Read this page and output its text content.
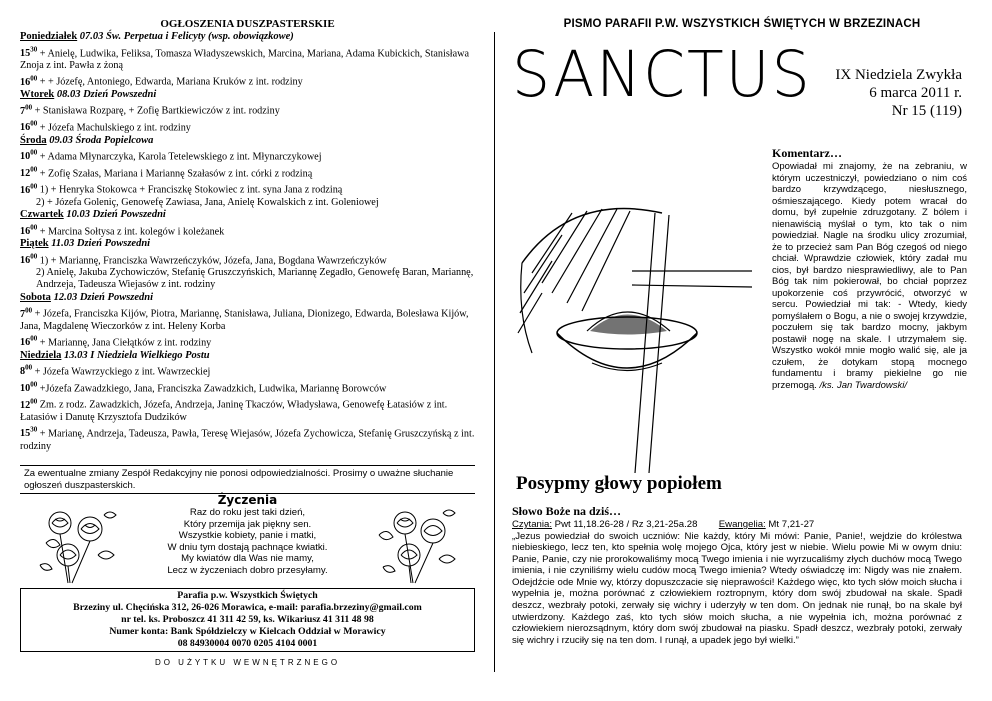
OGŁOSZENIA DUSZPASTERSKIE
Poniedziałek 07.03 Św. Perpetua i Felicyty (wsp. obowiązkowe)
$15^{30}$ + Anielę, Ludwika, Feliksa, Tomasza Władyszewskich, Marcina, Mariana, Adama Kubickich, Stanisława Znoja z int. Pawła z żoną
$16^{00}$ + + Józefę, Antoniego, Edwarda, Mariana Kruków z int. rodziny
Wtorek 08.03 Dzień Powszedni
$7^{00}$ + Stanisława Rozparę, + Zofię Bartkiewiczów z int. rodziny
$16^{00}$ + Józefa Machulskiego z int. rodziny
Środa 09.03 Środa Popielcowa
$10^{00}$ + Adama Młynarczyka, Karola Tetelewskiego z int. Młynarczykowej
$12^{00}$ + Zofię Szałas, Mariana i Mariannę Szałasów z int. córki z rodziną
$16^{00}$ 1) + Henryka Stokowca + Franciszkę Stokowiec z int. syna Jana z rodziną
2) + Józefa Goleniç, Genowefę Zawiasa, Jana, Anielę Kowalskich z int. Goleniowej
Czwartek 10.03 Dzień Powszedni
$16^{00}$ + Marcina Sołtysa z int. kolegów i koleżanek
Piątek 11.03 Dzień Powszedni
$16^{00}$ 1) + Mariannę, Franciszka Wawrzeńczyków, Józefa, Jana, Bogdana Wawrzeńczyków
2) Anielę, Jakuba Zychowiczów, Stefanię Gruszczyńskich, Mariannę Zegadło, Genowefę Baran, Mariannę, Andrzeja, Tadeusza Wiejasów z int. rodziny
Sobota 12.03 Dzień Powszedni
$7^{00}$ + Józefa, Franciszka Kijów, Piotra, Mariannę, Stanisława, Juliana, Dionizego, Edwarda, Bolesława Kijów, Jana, Magdalenę Wieczorków z int. Heleny Korba
$16^{00}$ + Mariannę, Jana Ciełątków z int. rodziny
Niedziela 13.03 I Niedziela Wielkiego Postu
$8^{00}$ + Józefa Wawrzyckiego z int. Wawrzeckiej
$10^{00}$ +Józefa Zawadzkiego, Jana, Franciszka Zawadzkich, Ludwika, Mariannę Borowców
$12^{00}$ Zm. z rodz. Zawadzkich, Józefa, Andrzeja, Janinę Tkaczów, Władysława, Genowefę Łatasiów z int. Łatasiów i Danutę Krzysztofa Dudzików
$15^{30}$ + Marianę, Andrzeja, Tadeusza, Pawła, Teresę Wiejasów, Józefa Zychowicza, Stefanię Gruszczyńską z int. rodziny
Za ewentualne zmiany Zespół Redakcyjny nie ponosi odpowiedzialności. Prosimy o uważne słuchanie ogłoszeń duszpasterskich.
Życzenia
Raz do roku jest taki dzień,
Który przemija jak piękny sen.
Wszystkie kobiety, panie i matki,
W dniu tym dostają pachnące kwiatki.
My kwiatów dla Was nie mamy,
Lecz w życzeniach dobro przesyłamy.
Parafia p.w. Wszystkich Świętych
Brzeziny ul. Chęcińska 312, 26-026 Morawica, e-mail: parafia.brzeziny@gmail.com
nr tel. ks. Proboszcz 41 311 42 59, ks. Wikariusz 41 311 48 98
Numer konta: Bank Spółdzielczy w Kielcach Oddział w Morawicy
08 84930004 0070 0205 4104 0001
DO UŻYTKU WEWNĘTRZNEGO
PISMO PARAFII P.W. WSZYSTKICH ŚWIĘTYCH W BRZEZINACH
SANCTUS IX Niedziela Zwykła
6 marca 2011 r.
Nr 15 (119)
Posypmy głowy popiołem
Komentarz…
Opowiadał mi znajomy, że na zebraniu, w którym uczestniczył, powiedziano o nim coś bardzo krzywdzącego, niesłusznego, ośmieszającego. Kiedy potem wracał do domu, był zupełnie zdruzgotany. Z bólem i nienawiścią myślał o tym, kto tak o nim powiedział. Nagle na środku ulicy zrozumiał, że to przecież sam Pan Bóg czegoś od niego chciał. Wprawdzie człowiek, który zadał mu cios, był bardzo niesprawiedliwy, ale to Pan Bóg tak nim pokierował, bo chciał poprzez upokorzenie coś przywrócić, otworzyć w sercu. Powiedział mi tak: - Wtedy, kiedy pomyślałem o Bogu, a nie o swojej krzywdzie, poczułem się tak bardzo mocny, jakbym postawił nogę na skale. I utrzymałem się. Wszystko wokół mnie mogło walić się, ale ja czułem, że dotykam stopą mocnego fundamentu i bramy piekielne go nie przemogą. /ks. Jan Twardowski/
Słowo Boże na dziś…
Czytania: Pwt 11,18.26-28 / Rz 3,21-25a.28 Ewangelia: Mt 7,21-27
„Jezus powiedział do swoich uczniów: Nie każdy, który Mi mówi: Panie, Panie!, wejdzie do królestwa niebieskiego, lecz ten, kto spełnia wolę mojego Ojca, który jest w niebie. Wielu powie Mi w owym dniu: Panie, Panie, czy nie prorokowaliśmy mocą Twego imienia i nie wyrzucaliśmy złych duchów mocą Twego imienia, i nie czyniliśmy wielu cudów mocą Twego imienia? Wtedy oświadczę im: Nigdy was nie znałem. Odejdźcie ode Mnie wy, którzy dopuszczacie się nieprawości! Każdego więc, kto tych słów moich słucha i wypełnia je, można porównać z człowiekiem roztropnym, który dom swój zbudował na skale. Spadł deszcz, wezbrały potoki, zerwały się wichry i uderzyły w ten dom. On jednak nie runął, bo na skale był utwierdzony. Każdego zaś, kto tych słów moich słucha, a nie wypełnia ich, można porównać z człowiekiem nierozsądnym, który dom swój zbudował na piasku. Spadł deszcz, wezbrały potoki, zerwały się wichry i rzuciły się na ten dom. I runął, a upadek jego był wielki.”
